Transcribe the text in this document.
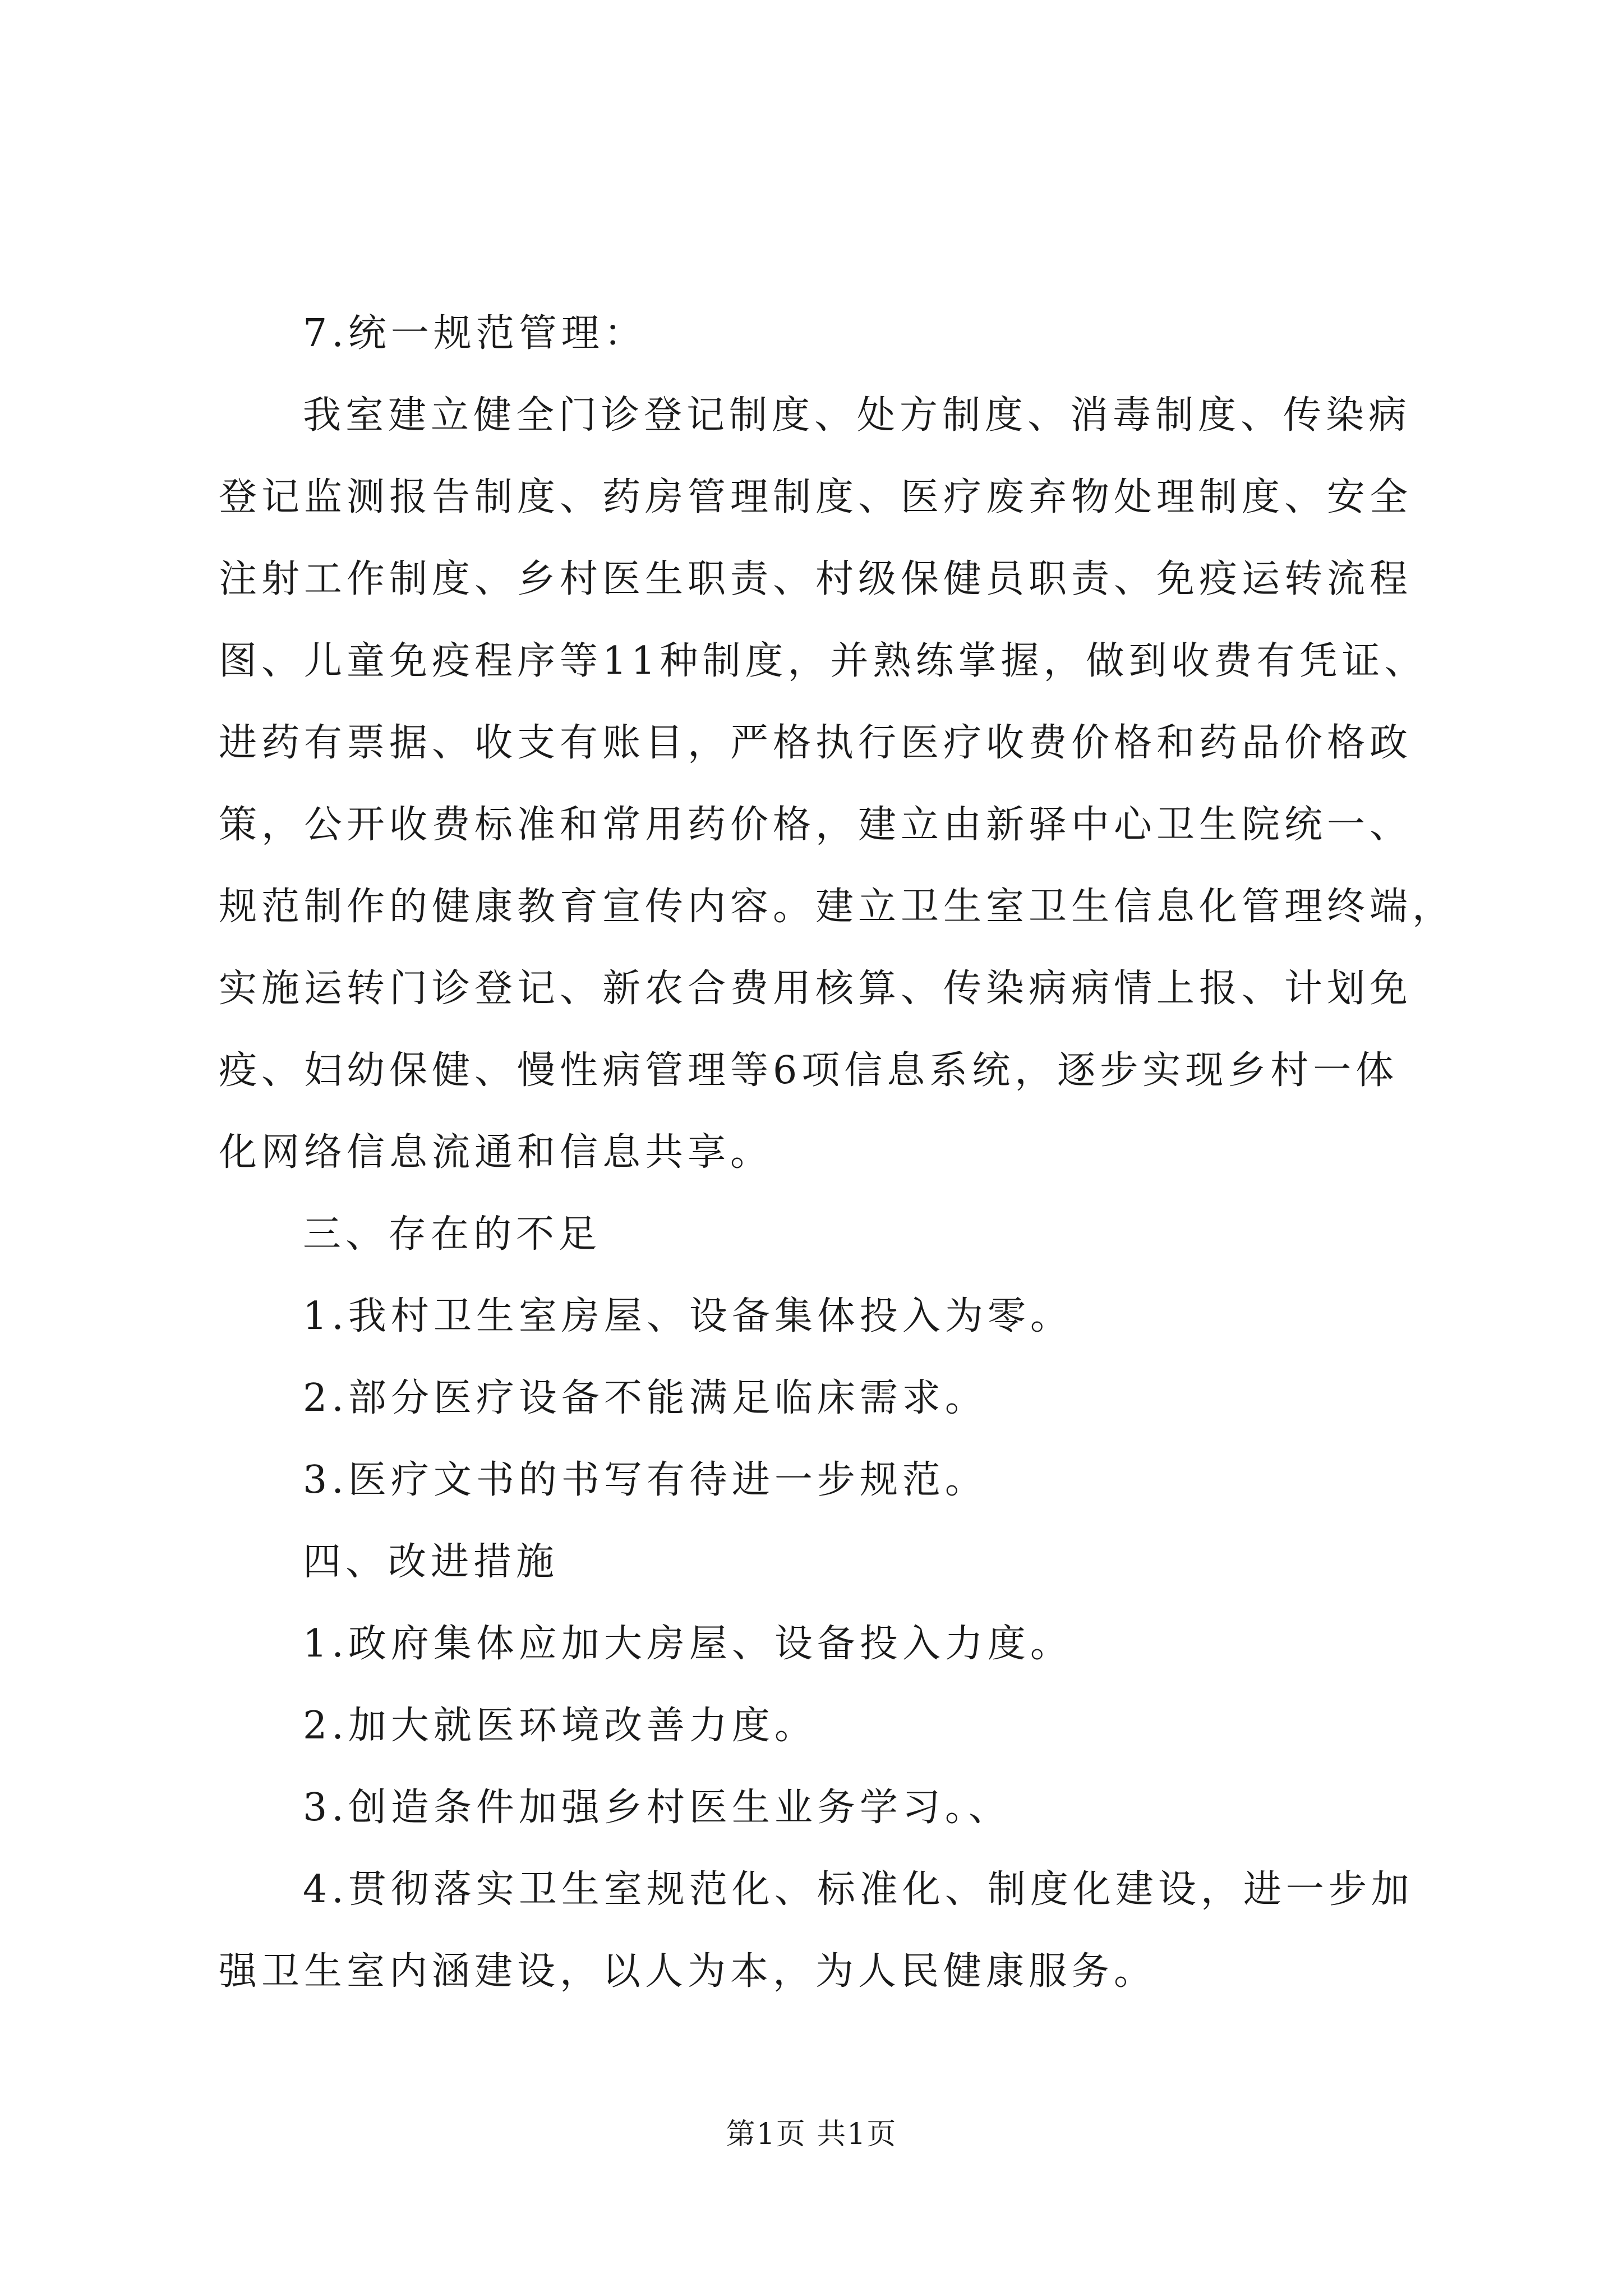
7.统一规范管理：
我室建立健全门诊登记制度、处方制度、消毒制度、传染病
登记监测报告制度、药房管理制度、医疗废弃物处理制度、安全
注射工作制度、乡村医生职责、村级保健员职责、免疫运转流程
图、儿童免疫程序等11种制度，并熟练掌握，做到收费有凭证、
进药有票据、收支有账目，严格执行医疗收费价格和药品价格政
策，公开收费标准和常用药价格，建立由新驿中心卫生院统一、
规范制作的健康教育宣传内容。建立卫生室卫生信息化管理终端，
实施运转门诊登记、新农合费用核算、传染病病情上报、计划免
疫、妇幼保健、慢性病管理等6项信息系统，逐步实现乡村一体
化网络信息流通和信息共享。
三、存在的不足
1.我村卫生室房屋、设备集体投入为零。
2.部分医疗设备不能满足临床需求。
3.医疗文书的书写有待进一步规范。
四、改进措施
1.政府集体应加大房屋、设备投入力度。
2.加大就医环境改善力度。
3.创造条件加强乡村医生业务学习。、
4.贯彻落实卫生室规范化、标准化、制度化建设，进一步加
强卫生室内涵建设，以人为本，为人民健康服务。
第1页 共1页
